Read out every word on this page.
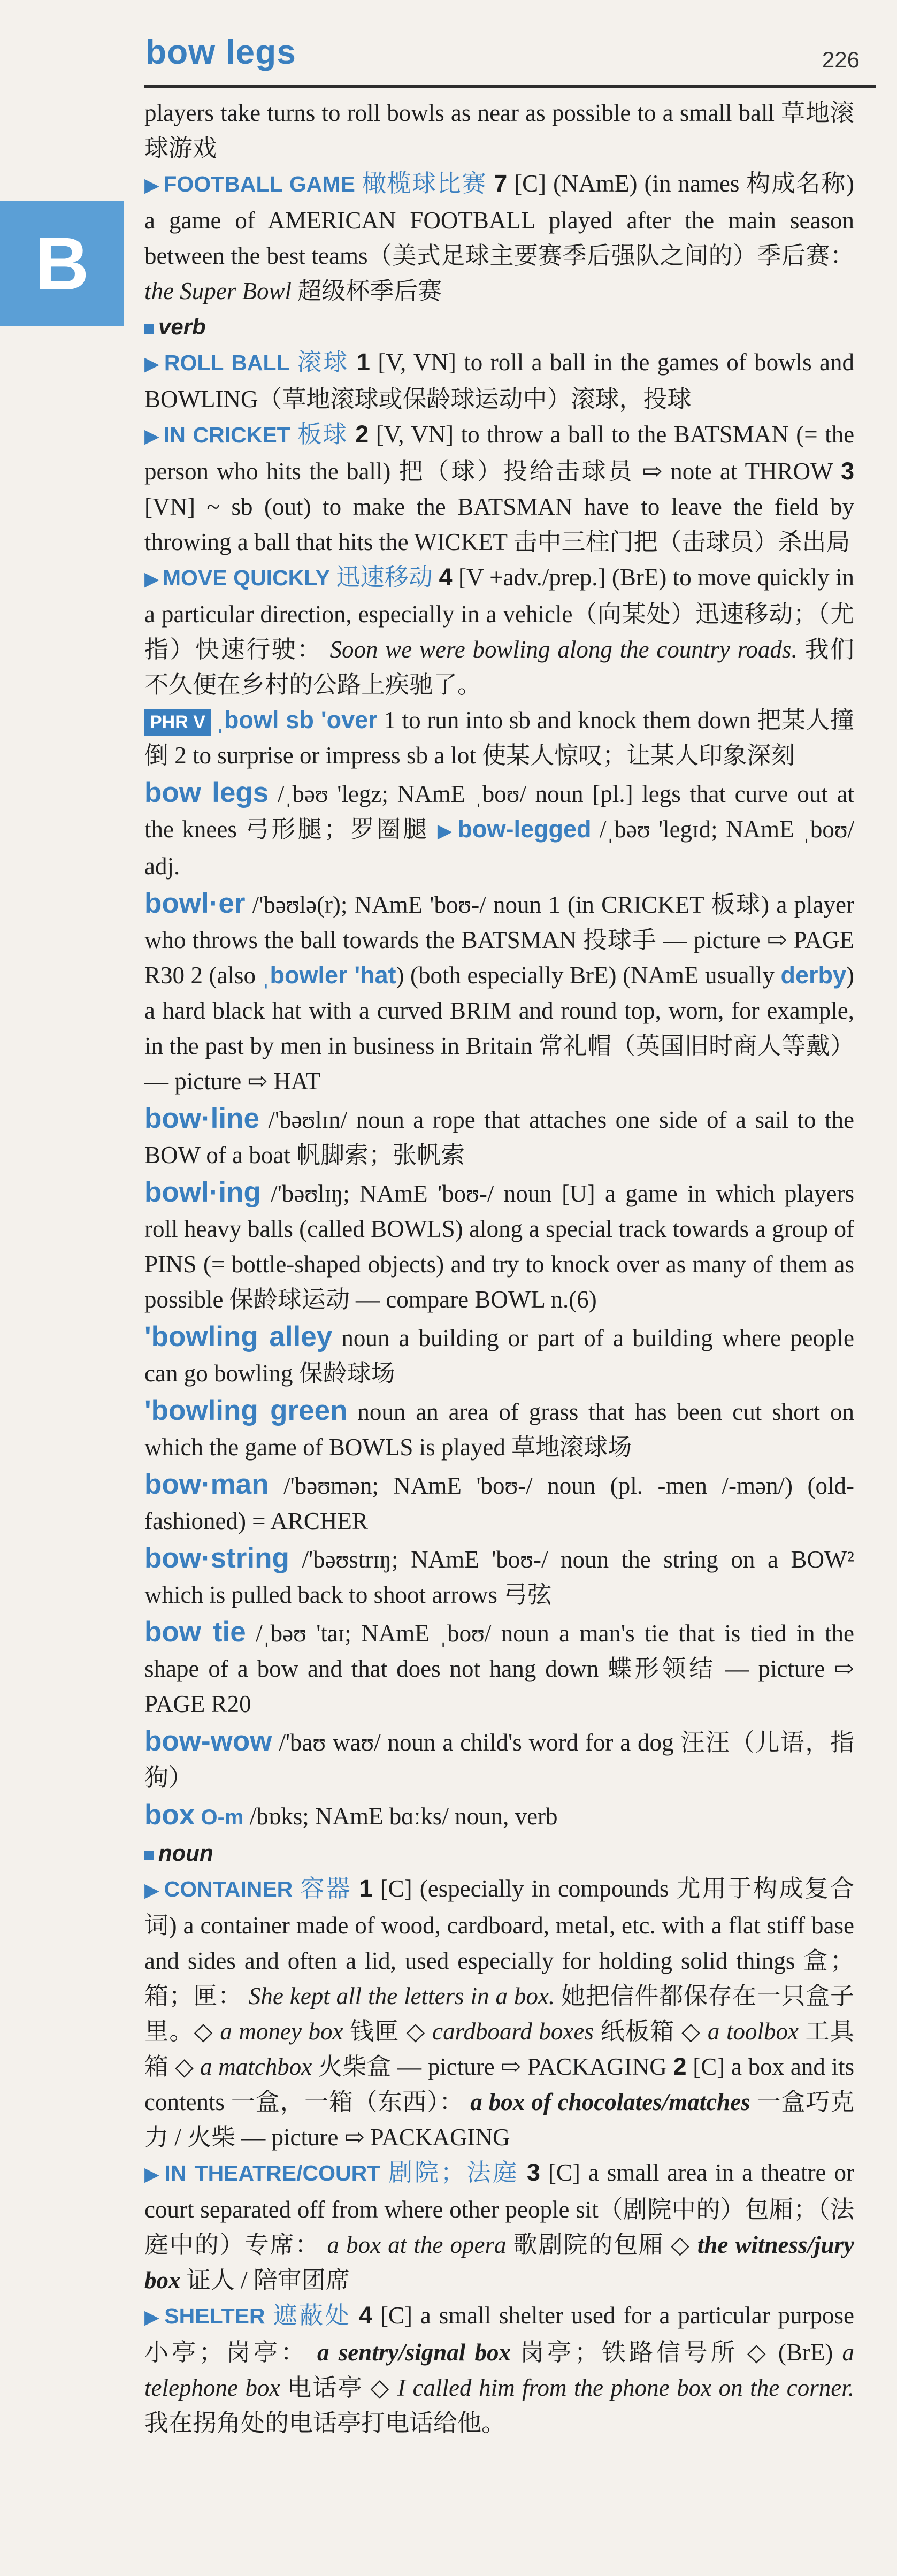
bow legs	226
B

players take turns to roll bowls as near as possible to a small ball 草地滚球游戏

▶ FOOTBALL GAME 橄榄球比赛 7 [C] (NAmE) (in names 构成名称) a game of AMERICAN FOOTBALL played after the main season between the best teams（美式足球主要赛季后强队之间的）季后赛： the Super Bowl 超级杯季后赛

verb

▶ ROLL BALL 滚球 1 [V, VN] to roll a ball in the games of bowls and BOWLING（草地滚球或保龄球运动中）滚球，投球

▶ IN CRICKET 板球 2 [V, VN] to throw a ball to the BATSMAN (= the person who hits the ball) 把（球）投给击球员 ⇨ note at THROW 3 [VN] ~ sb (out) to make the BATSMAN have to leave the field by throwing a ball that hits the WICKET 击中三柱门把（击球员）杀出局

▶ MOVE QUICKLY 迅速移动 4 [V +adv./prep.] (BrE) to move quickly in a particular direction, especially in a vehicle（向某处）迅速移动；（尤指）快速行驶： Soon we were bowling along the country roads. 我们不久便在乡村的公路上疾驰了。

PHR V ˌbowl sb 'over 1 to run into sb and knock them down 把某人撞倒 2 to surprise or impress sb a lot 使某人惊叹；让某人印象深刻

bow legs /ˌbəʊ 'legz; NAmE ˌboʊ/ noun [pl.] legs that curve out at the knees 弓形腿；罗圈腿 ▶ bow-legged /ˌbəʊ 'legɪd; NAmE ˌboʊ/ adj.

bowl·er /'bəʊlə(r); NAmE 'boʊ-/ noun 1 (in CRICKET 板球) a player who throws the ball towards the BATSMAN 投球手 — picture ⇨ PAGE R30 2 (also ˌbowler 'hat) (both especially BrE) (NAmE usually derby) a hard black hat with a curved BRIM and round top, worn, for example, in the past by men in business in Britain 常礼帽（英国旧时商人等戴）— picture ⇨ HAT

bow·line /'bəʊlɪn/ noun a rope that attaches one side of a sail to the BOW of a boat 帆脚索；张帆索

bowl·ing /'bəʊlɪŋ; NAmE 'boʊ-/ noun [U] a game in which players roll heavy balls (called BOWLS) along a special track towards a group of PINS (= bottle-shaped objects) and try to knock over as many of them as possible 保龄球运动 — compare BOWL n.(6)

'bowling alley noun a building or part of a building where people can go bowling 保龄球场

'bowling green noun an area of grass that has been cut short on which the game of BOWLS is played 草地滚球场

bow·man /'bəʊmən; NAmE 'boʊ-/ noun (pl. -men /-mən/) (old-fashioned) = ARCHER

bow·string /'bəʊstrɪŋ; NAmE 'boʊ-/ noun the string on a BOW² which is pulled back to shoot arrows 弓弦

bow tie /ˌbəʊ 'taɪ; NAmE ˌboʊ/ noun a man's tie that is tied in the shape of a bow and that does not hang down 蝶形领结 — picture ⇨ PAGE R20

bow-wow /'baʊ waʊ/ noun a child's word for a dog 汪汪（儿语，指狗）

box O-m /bɒks; NAmE bɑːks/ noun, verb

noun

▶ CONTAINER 容器 1 [C] (especially in compounds 尤用于构成复合词) a container made of wood, cardboard, metal, etc. with a flat stiff base and sides and often a lid, used especially for holding solid things 盒；箱；匣： She kept all the letters in a box. 她把信件都保存在一只盒子里。◇ a money box 钱匣 ◇ cardboard boxes 纸板箱 ◇ a toolbox 工具箱 ◇ a matchbox 火柴盒 — picture ⇨ PACKAGING 2 [C] a box and its contents 一盒，一箱（东西）： a box of chocolates/matches 一盒巧克力 / 火柴 — picture ⇨ PACKAGING

▶ IN THEATRE/COURT 剧院；法庭 3 [C] a small area in a theatre or court separated off from where other people sit（剧院中的）包厢；（法庭中的）专席： a box at the opera 歌剧院的包厢 ◇ the witness/jury box 证人 / 陪审团席

▶ SHELTER 遮蔽处 4 [C] a small shelter used for a particular purpose 小亭；岗亭： a sentry/signal box 岗亭；铁路信号所 ◇ (BrE) a telephone box 电话亭 ◇ I called him from the phone box on the corner. 我在拐角处的电话亭打电话给他。
